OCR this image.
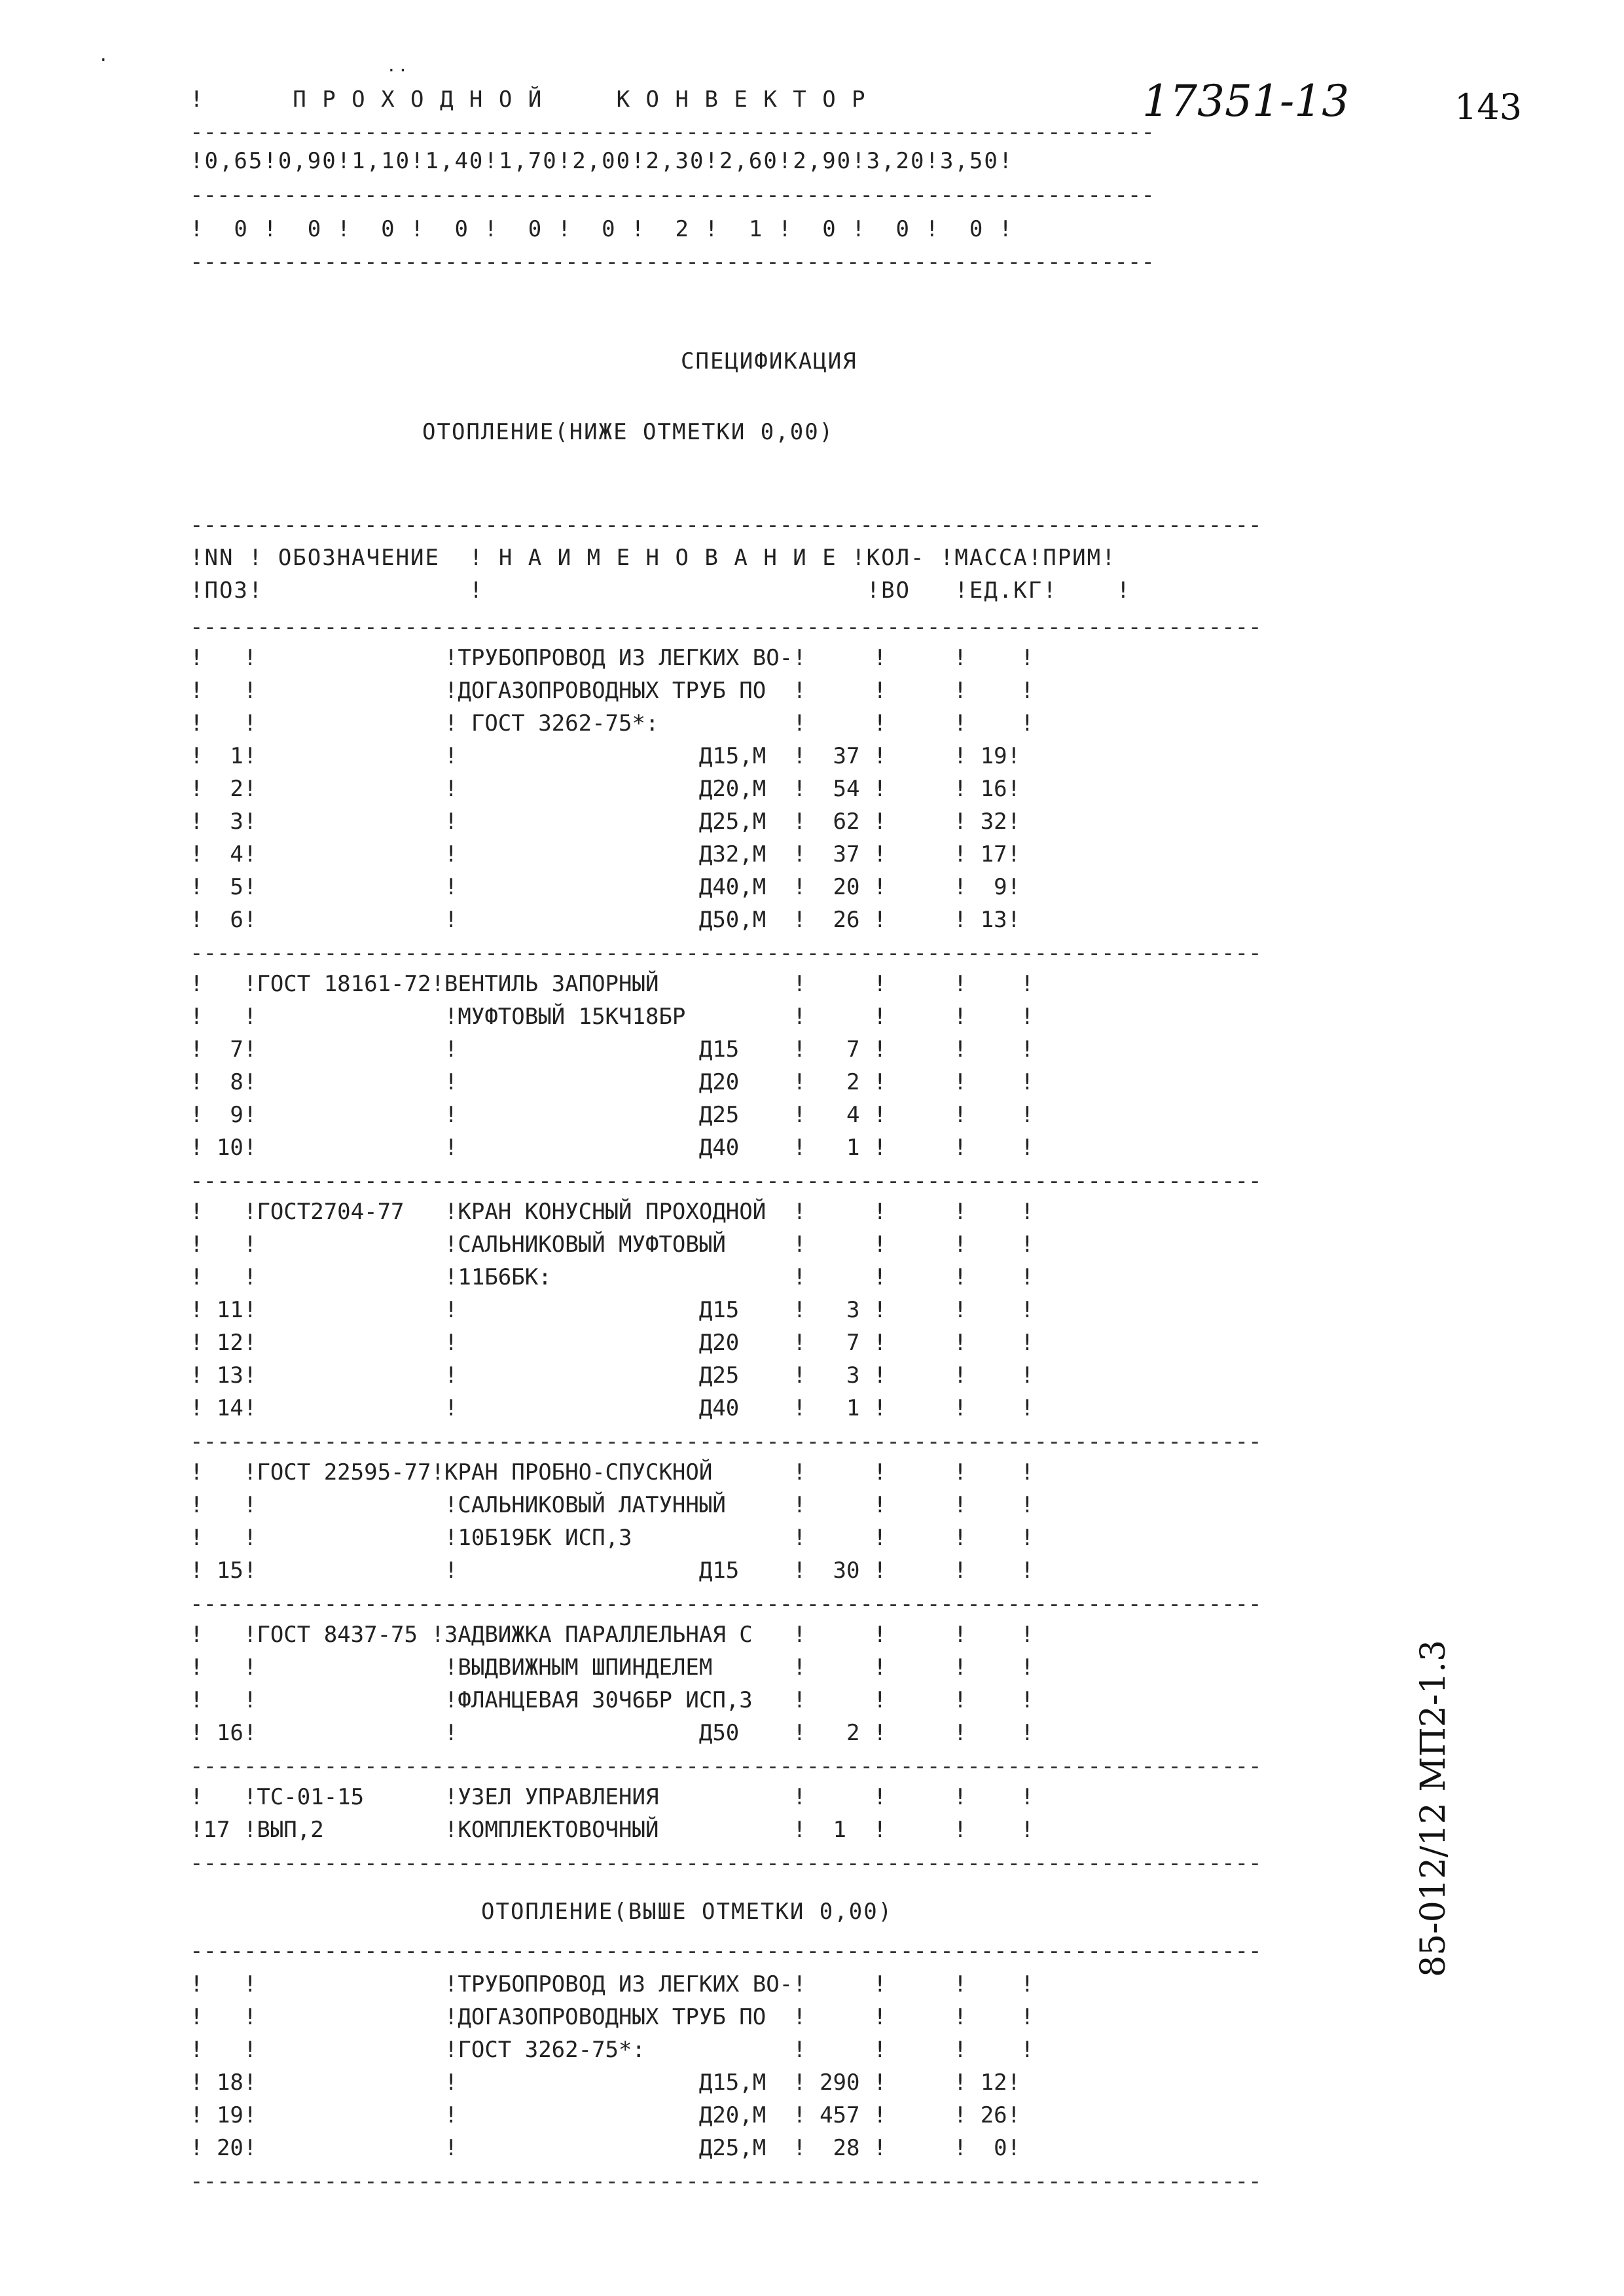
·
··
!      П Р О Х О Д Н О Й     К О Н В Е К Т О Р	17351-13	143
------------------------------------------------------------------------
!0,65!0,90!1,10!1,40!1,70!2,00!2,30!2,60!2,90!3,20!3,50!
------------------------------------------------------------------------
!  0 !  0 !  0 !  0 !  0 !  0 !  2 !  1 !  0 !  0 !  0 !
------------------------------------------------------------------------
СПЕЦИФИКАЦИЯ
ОТОПЛЕНИЕ(НИЖЕ ОТМЕТКИ 0,00)
--------------------------------------------------------------------------------
!NN ! ОБОЗНАЧЕНИЕ  ! Н А И М Е Н О В А Н И Е !КОЛ- !МАССА!ПРИМ!
!ПОЗ!              !                          !ВО   !ЕД.КГ!    !
--------------------------------------------------------------------------------
!   !              !ТРУБОПРОВОД ИЗ ЛЕГКИХ ВО-!     !     !    !
!   !              !ДОГАЗОПРОВОДНЫХ ТРУБ ПО  !     !     !    !
!   !              ! ГОСТ 3262-75*:          !     !     !    !
!  1!              !                  Д15,М  !  37 !     ! 19!
!  2!              !                  Д20,М  !  54 !     ! 16!
!  3!              !                  Д25,М  !  62 !     ! 32!
!  4!              !                  Д32,М  !  37 !     ! 17!
!  5!              !                  Д40,М  !  20 !     !  9!
!  6!              !                  Д50,М  !  26 !     ! 13!
--------------------------------------------------------------------------------
!   !ГОСТ 18161-72!ВЕНТИЛЬ ЗАПОРНЫЙ          !     !     !    !
!   !              !МУФТОВЫЙ 15КЧ18БР        !     !     !    !
!  7!              !                  Д15    !   7 !     !    !
!  8!              !                  Д20    !   2 !     !    !
!  9!              !                  Д25    !   4 !     !    !
! 10!              !                  Д40    !   1 !     !    !
--------------------------------------------------------------------------------
!   !ГОСТ2704-77   !КРАН КОНУСНЫЙ ПРОХОДНОЙ  !     !     !    !
!   !              !САЛЬНИКОВЫЙ МУФТОВЫЙ     !     !     !    !
!   !              !11Б6БК:                  !     !     !    !
! 11!              !                  Д15    !   3 !     !    !
! 12!              !                  Д20    !   7 !     !    !
! 13!              !                  Д25    !   3 !     !    !
! 14!              !                  Д40    !   1 !     !    !
--------------------------------------------------------------------------------
!   !ГОСТ 22595-77!КРАН ПРОБНО-СПУСКНОЙ      !     !     !    !
!   !              !САЛЬНИКОВЫЙ ЛАТУННЫЙ     !     !     !    !
!   !              !10Б19БК ИСП,3            !     !     !    !
! 15!              !                  Д15    !  30 !     !    !
--------------------------------------------------------------------------------
!   !ГОСТ 8437-75 !ЗАДВИЖКА ПАРАЛЛЕЛЬНАЯ С   !     !     !    !
!   !              !ВЫДВИЖНЫМ ШПИНДЕЛЕМ      !     !     !    !
!   !              !ФЛАНЦЕВАЯ 30Ч6БР ИСП,3   !     !     !    !
! 16!              !                  Д50    !   2 !     !    !
--------------------------------------------------------------------------------
!   !ТС-01-15      !УЗЕЛ УПРАВЛЕНИЯ          !     !     !    !
!17 !ВЫП,2         !КОМПЛЕКТОВОЧНЫЙ          !  1  !     !    !
--------------------------------------------------------------------------------
ОТОПЛЕНИЕ(ВЫШЕ ОТМЕТКИ 0,00)
--------------------------------------------------------------------------------
!   !              !ТРУБОПРОВОД ИЗ ЛЕГКИХ ВО-!     !     !    !
!   !              !ДОГАЗОПРОВОДНЫХ ТРУБ ПО  !     !     !    !
!   !              !ГОСТ 3262-75*:           !     !     !    !
! 18!              !                  Д15,М  ! 290 !     ! 12!
! 19!              !                  Д20,М  ! 457 !     ! 26!
! 20!              !                  Д25,М  !  28 !     !  0!
--------------------------------------------------------------------------------
85-012/12 МП2-1.3
